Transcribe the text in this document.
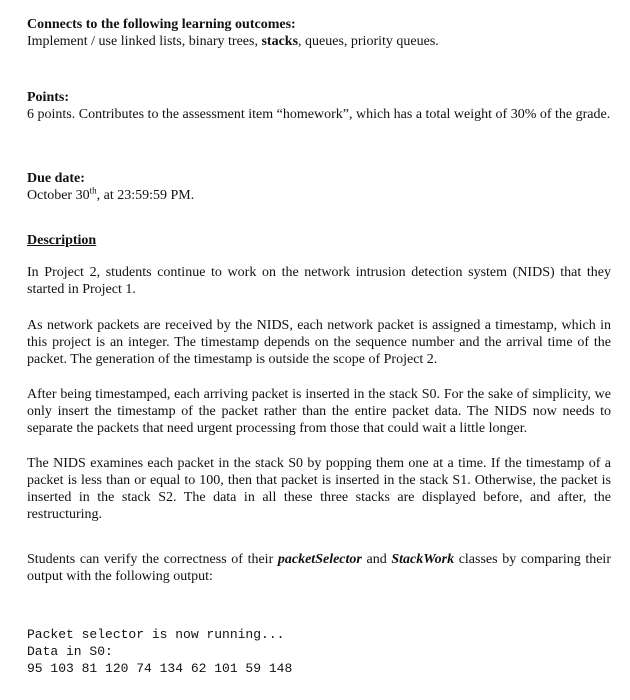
Connects to the following learning outcomes:
Implement / use linked lists, binary trees, stacks, queues, priority queues.
Points:

6 points. Contributes to the assessment item “homework”, which has a total weight of 30% of the grade.

Due date:
October 30th, at 23:59:59 PM.
Description

In Project 2, students continue to work on the network intrusion detection system (NIDS) that they started in Project 1.

As network packets are received by the NIDS, each network packet is assigned a timestamp, which in this project is an integer. The timestamp depends on the sequence number and the arrival time of the packet. The generation of the timestamp is outside the scope of Project 2.

After being timestamped, each arriving packet is inserted in the stack S0. For the sake of simplicity, we only insert the timestamp of the packet rather than the entire packet data. The NIDS now needs to separate the packets that need urgent processing from those that could wait a little longer.

The NIDS examines each packet in the stack S0 by popping them one at a time. If the timestamp of a packet is less than or equal to 100, then that packet is inserted in the stack S1. Otherwise, the packet is inserted in the stack S2. The data in all these three stacks are displayed before, and after, the restructuring.

Students can verify the correctness of their packetSelector and StackWork classes by comparing their output with the following output:

Packet selector is now running...
Data in S0:
95 103 81 120 74 134 62 101 59 148
